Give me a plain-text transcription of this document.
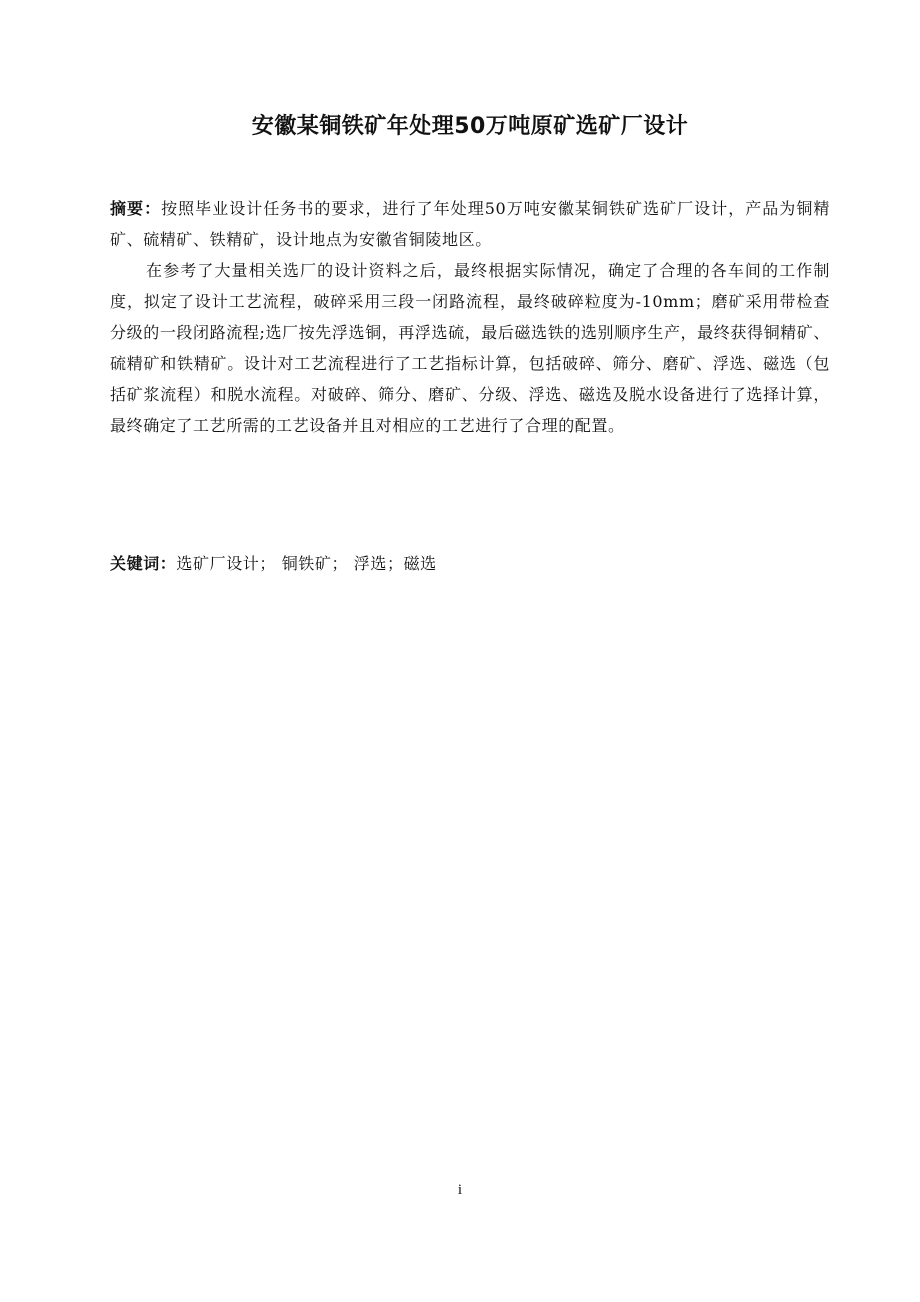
安徽某铜铁矿年处理50万吨原矿选矿厂设计

摘要：按照毕业设计任务书的要求，进行了年处理50万吨安徽某铜铁矿选矿厂设计，产品为铜精矿、硫精矿、铁精矿，设计地点为安徽省铜陵地区。

在参考了大量相关选厂的设计资料之后，最终根据实际情况，确定了合理的各车间的工作制度，拟定了设计工艺流程，破碎采用三段一闭路流程，最终破碎粒度为-10mm；磨矿采用带检查分级的一段闭路流程;选厂按先浮选铜，再浮选硫，最后磁选铁的选别顺序生产，最终获得铜精矿、硫精矿和铁精矿。设计对工艺流程进行了工艺指标计算，包括破碎、筛分、磨矿、浮选、磁选（包括矿浆流程）和脱水流程。对破碎、筛分、磨矿、分级、浮选、磁选及脱水设备进行了选择计算，最终确定了工艺所需的工艺设备并且对相应的工艺进行了合理的配置。

关键词：选矿厂设计； 铜铁矿； 浮选；磁选
i
